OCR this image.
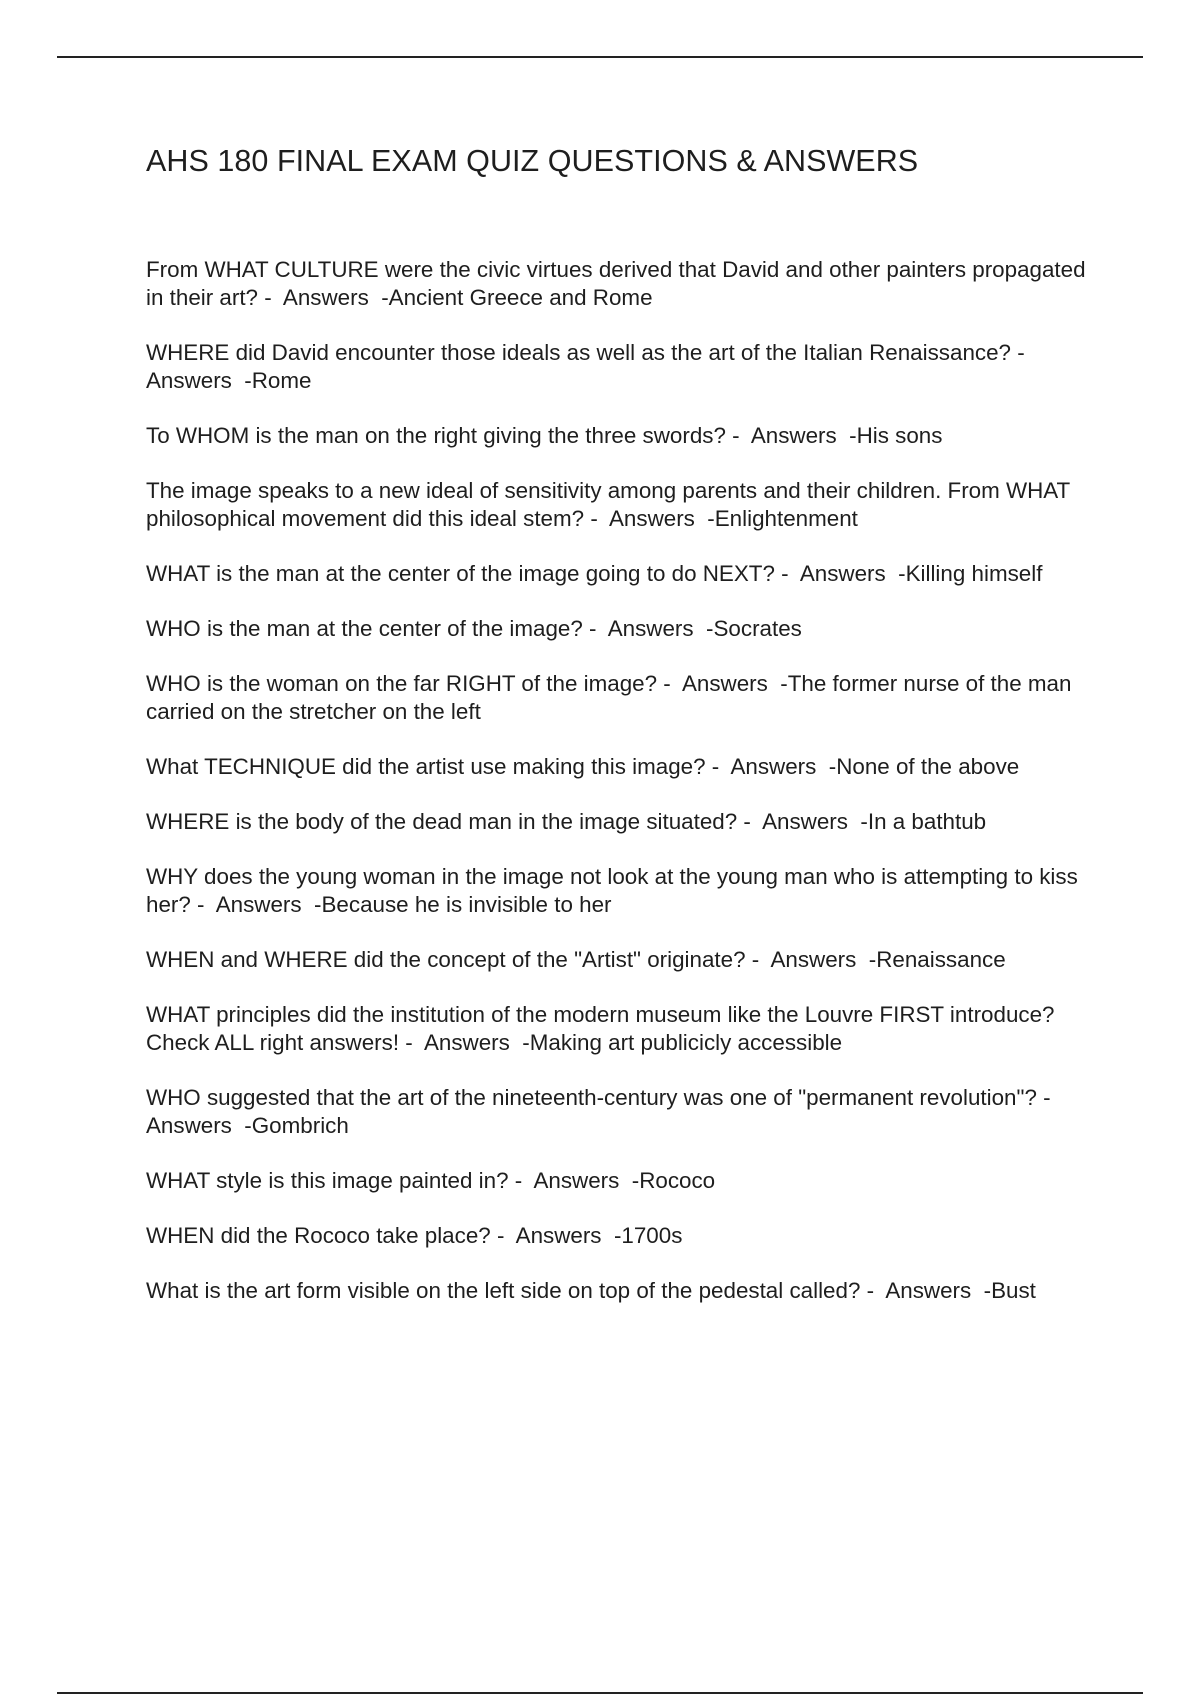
AHS 180 FINAL EXAM QUIZ QUESTIONS & ANSWERS
From WHAT CULTURE were the civic virtues derived that David and other painters propagated in their art? -  Answers  -Ancient Greece and Rome
WHERE did David encounter those ideals as well as the art of the Italian Renaissance? -  Answers  -Rome
To WHOM is the man on the right giving the three swords? -  Answers  -His sons
The image speaks to a new ideal of sensitivity among parents and their children. From WHAT philosophical movement did this ideal stem? -  Answers  -Enlightenment
WHAT is the man at the center of the image going to do NEXT? -  Answers  -Killing himself
WHO is the man at the center of the image? -  Answers  -Socrates
WHO is the woman on the far RIGHT of the image? -  Answers  -The former nurse of the man carried on the stretcher on the left
What TECHNIQUE did the artist use making this image? -  Answers  -None of the above
WHERE is the body of the dead man in the image situated? -  Answers  -In a bathtub
WHY does the young woman in the image not look at the young man who is attempting to kiss her? -  Answers  -Because he is invisible to her
WHEN and WHERE did the concept of the "Artist" originate? -  Answers  -Renaissance
WHAT principles did the institution of the modern museum like the Louvre FIRST introduce? Check ALL right answers! -  Answers  -Making art publicicly accessible
WHO suggested that the art of the nineteenth-century was one of "permanent revolution"? -  Answers  -Gombrich
WHAT style is this image painted in? -  Answers  -Rococo
WHEN did the Rococo take place? -  Answers  -1700s
What is the art form visible on the left side on top of the pedestal called? -  Answers  -Bust
